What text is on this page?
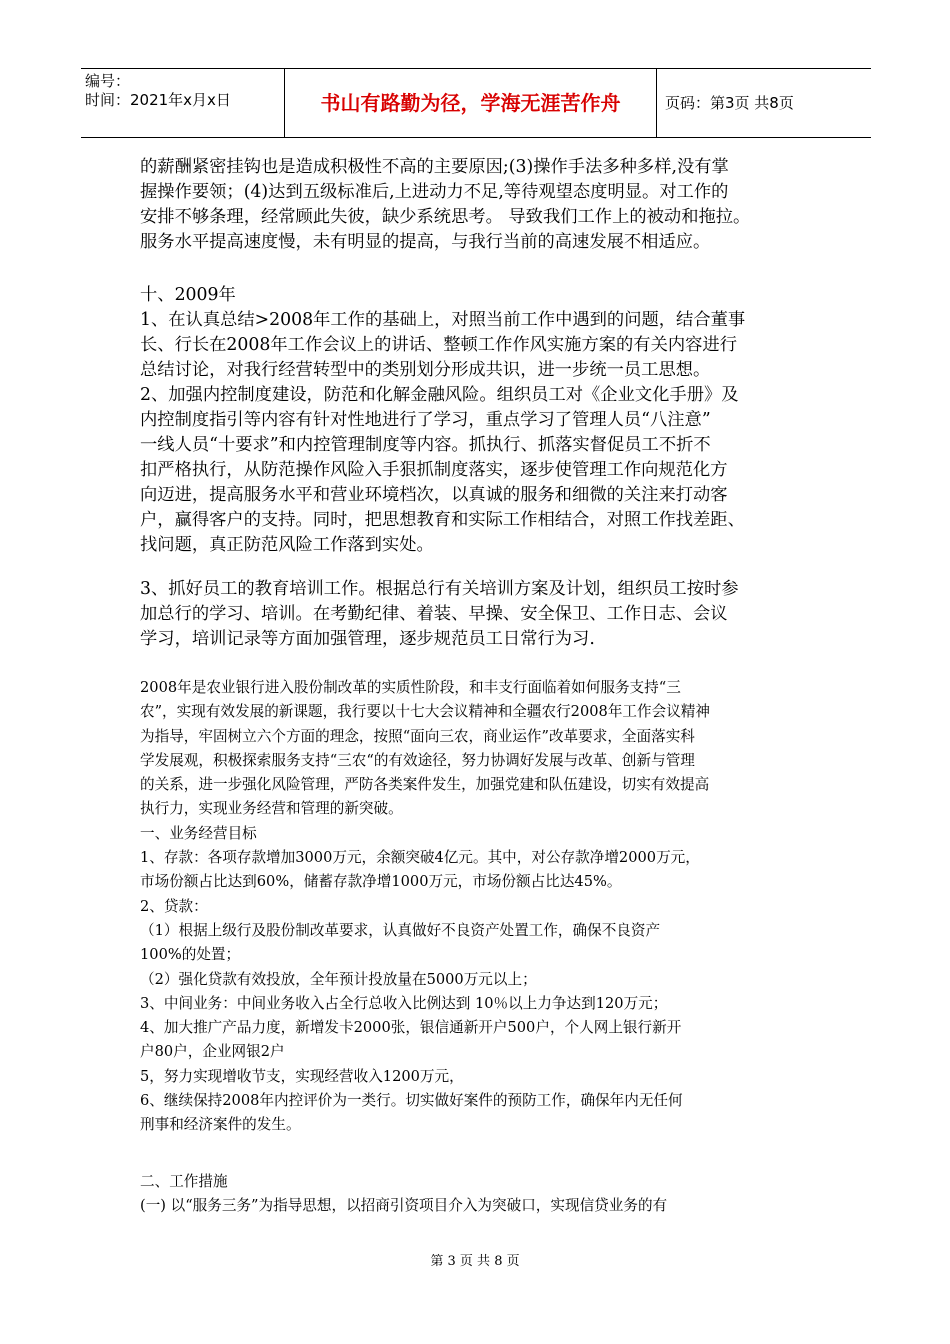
编号：
时间：2021年x月x日	书山有路勤为径，学海无涯苦作舟	页码：第3页 共8页

的薪酬紧密挂钩也是造成积极性不高的主要原因;(3)操作手法多种多样,没有掌

握操作要领；(4)达到五级标准后,上进动力不足,等待观望态度明显。对工作的

安排不够条理，经常顾此失彼，缺少系统思考。 导致我们工作上的被动和拖拉。

服务水平提高速度慢，未有明显的提高，与我行当前的高速发展不相适应。

十、2009年

1、在认真总结>2008年工作的基础上，对照当前工作中遇到的问题，结合董事

长、行长在2008年工作会议上的讲话、整顿工作作风实施方案的有关内容进行

总结讨论，对我行经营转型中的类别划分形成共识，进一步统一员工思想。

2、加强内控制度建设，防范和化解金融风险。组织员工对《企业文化手册》及

内控制度指引等内容有针对性地进行了学习，重点学习了管理人员“八注意”

一线人员“十要求”和内控管理制度等内容。抓执行、抓落实督促员工不折不

扣严格执行，从防范操作风险入手狠抓制度落实，逐步使管理工作向规范化方

向迈进，提高服务水平和营业环境档次，以真诚的服务和细微的关注来打动客

户，赢得客户的支持。同时，把思想教育和实际工作相结合，对照工作找差距、

找问题，真正防范风险工作落到实处。

3、抓好员工的教育培训工作。根据总行有关培训方案及计划，组织员工按时参

加总行的学习、培训。在考勤纪律、着装、早操、安全保卫、工作日志、会议

学习，培训记录等方面加强管理，逐步规范员工日常行为习.

2008年是农业银行进入股份制改革的实质性阶段，和丰支行面临着如何服务支持“三

农”，实现有效发展的新课题，我行要以十七大会议精神和全疆农行2008年工作会议精神

为指导，牢固树立六个方面的理念，按照“面向三农，商业运作”改革要求，全面落实科

学发展观，积极探索服务支持“三农“的有效途径，努力协调好发展与改革、创新与管理

的关系，进一步强化风险管理，严防各类案件发生，加强党建和队伍建设，切实有效提高

执行力，实现业务经营和管理的新突破。

一、业务经营目标

1、存款：各项存款增加3000万元，余额突破4亿元。其中，对公存款净增2000万元，

市场份额占比达到60%，储蓄存款净增1000万元，市场份额占比达45%。

2、贷款：

（1）根据上级行及股份制改革要求，认真做好不良资产处置工作，确保不良资产

100%的处置；

（2）强化贷款有效投放，全年预计投放量在5000万元以上；

3、中间业务：中间业务收入占全行总收入比例达到 10％以上力争达到120万元；

4、加大推广产品力度，新增发卡2000张，银信通新开户500户，个人网上银行新开

户80户，企业网银2户

5，努力实现增收节支，实现经营收入1200万元，

6、继续保持2008年内控评价为一类行。切实做好案件的预防工作，确保年内无任何

刑事和经济案件的发生。

二、工作措施

(一) 以“服务三务”为指导思想，以招商引资项目介入为突破口，实现信贷业务的有

第 3 页 共 8 页
